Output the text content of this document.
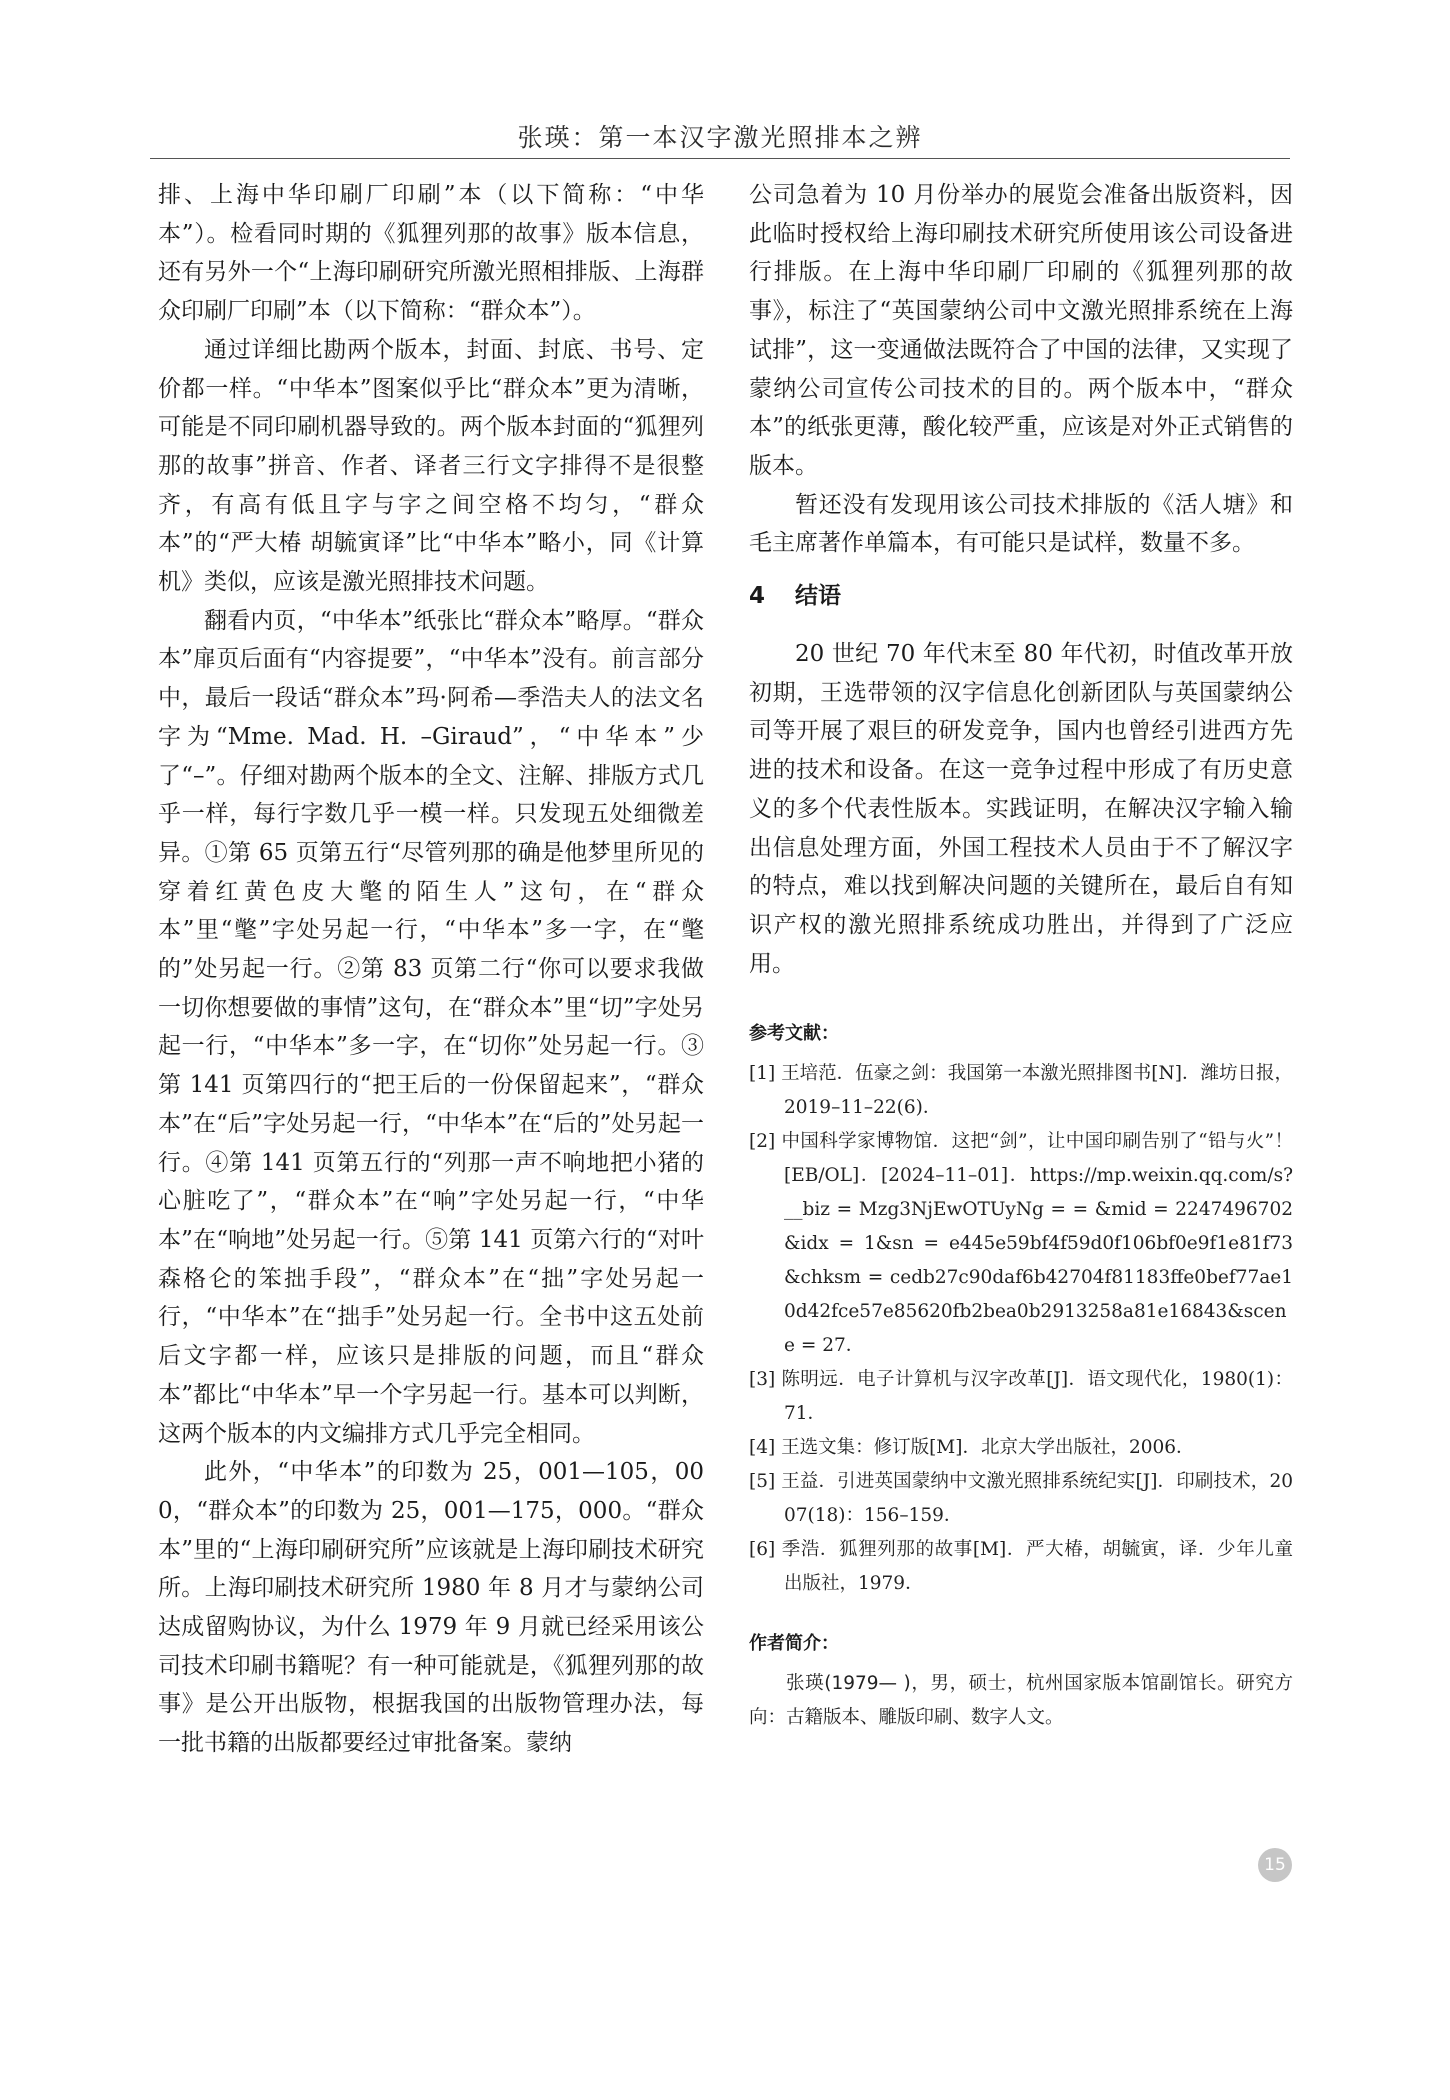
张瑛：第一本汉字激光照排本之辨

排、上海中华印刷厂印刷”本（以下简称：“中华本”）。检看同时期的《狐狸列那的故事》版本信息，还有另外一个“上海印刷研究所激光照相排版、上海群众印刷厂印刷”本（以下简称：“群众本”）。

通过详细比勘两个版本，封面、封底、书号、定价都一样。“中华本”图案似乎比“群众本”更为清晰，可能是不同印刷机器导致的。两个版本封面的“狐狸列那的故事”拼音、作者、译者三行文字排得不是很整齐，有高有低且字与字之间空格不均匀，“群众本”的“严大椿 胡毓寅译”比“中华本”略小，同《计算机》类似，应该是激光照排技术问题。

翻看内页，“中华本”纸张比“群众本”略厚。“群众本”扉页后面有“内容提要”，“中华本”没有。前言部分中，最后一段话“群众本”玛·阿希—季浩夫人的法文名字为“Mme. Mad. H. –Giraud”，“中华本”少了“–”。仔细对勘两个版本的全文、注解、排版方式几乎一样，每行字数几乎一模一样。只发现五处细微差异。①第 65 页第五行“尽管列那的确是他梦里所见的穿着红黄色皮大氅的陌生人”这句，在“群众本”里“氅”字处另起一行，“中华本”多一字，在“氅的”处另起一行。②第 83 页第二行“你可以要求我做一切你想要做的事情”这句，在“群众本”里“切”字处另起一行，“中华本”多一字，在“切你”处另起一行。③第 141 页第四行的“把王后的一份保留起来”，“群众本”在“后”字处另起一行，“中华本”在“后的”处另起一行。④第 141 页第五行的“列那一声不响地把小猪的心脏吃了”，“群众本”在“响”字处另起一行，“中华本”在“响地”处另起一行。⑤第 141 页第六行的“对叶森格仑的笨拙手段”，“群众本”在“拙”字处另起一行，“中华本”在“拙手”处另起一行。全书中这五处前后文字都一样，应该只是排版的问题，而且“群众本”都比“中华本”早一个字另起一行。基本可以判断，这两个版本的内文编排方式几乎完全相同。

此外，“中华本”的印数为 25，001—105，000，“群众本”的印数为 25，001—175，000。“群众本”里的“上海印刷研究所”应该就是上海印刷技术研究所。上海印刷技术研究所 1980 年 8 月才与蒙纳公司达成留购协议，为什么 1979 年 9 月就已经采用该公司技术印刷书籍呢？有一种可能就是，《狐狸列那的故事》是公开出版物，根据我国的出版物管理办法，每一批书籍的出版都要经过审批备案。蒙纳

公司急着为 10 月份举办的展览会准备出版资料，因此临时授权给上海印刷技术研究所使用该公司设备进行排版。在上海中华印刷厂印刷的《狐狸列那的故事》，标注了“英国蒙纳公司中文激光照排系统在上海试排”，这一变通做法既符合了中国的法律，又实现了蒙纳公司宣传公司技术的目的。两个版本中，“群众本”的纸张更薄，酸化较严重，应该是对外正式销售的版本。

暂还没有发现用该公司技术排版的《活人塘》和毛主席著作单篇本，有可能只是试样，数量不多。

4 结语

20 世纪 70 年代末至 80 年代初，时值改革开放初期，王选带领的汉字信息化创新团队与英国蒙纳公司等开展了艰巨的研发竞争，国内也曾经引进西方先进的技术和设备。在这一竞争过程中形成了有历史意义的多个代表性版本。实践证明，在解决汉字输入输出信息处理方面，外国工程技术人员由于不了解汉字的特点，难以找到解决问题的关键所在，最后自有知识产权的激光照排系统成功胜出，并得到了广泛应用。

参考文献：
[1] 王培范．伍豪之剑：我国第一本激光照排图书[N]．潍坊日报，2019–11–22(6)．
[2] 中国科学家博物馆．这把“剑”，让中国印刷告别了“铅与火”！[EB/OL]．[2024–11–01]．https://mp.weixin.qq.com/s?__biz = Mzg3NjEwOTUyNg = = &mid = 2247496702&idx = 1&sn = e445e59bf4f59d0f106bf0e9f1e81f73&chksm = cedb27c90daf6b42704f81183ffe0bef77ae10d42fce57e85620fb2bea0b2913258a81e16843&scene = 27．
[3] 陈明远．电子计算机与汉字改革[J]．语文现代化，1980(1)：71．
[4] 王选文集：修订版[M]．北京大学出版社，2006．
[5] 王益．引进英国蒙纳中文激光照排系统纪实[J]．印刷技术，2007(18)：156–159．
[6] 季浩．狐狸列那的故事[M]．严大椿，胡毓寅，译．少年儿童出版社，1979．
作者简介：

张瑛(1979— )，男，硕士，杭州国家版本馆副馆长。研究方向：古籍版本、雕版印刷、数字人文。

15
